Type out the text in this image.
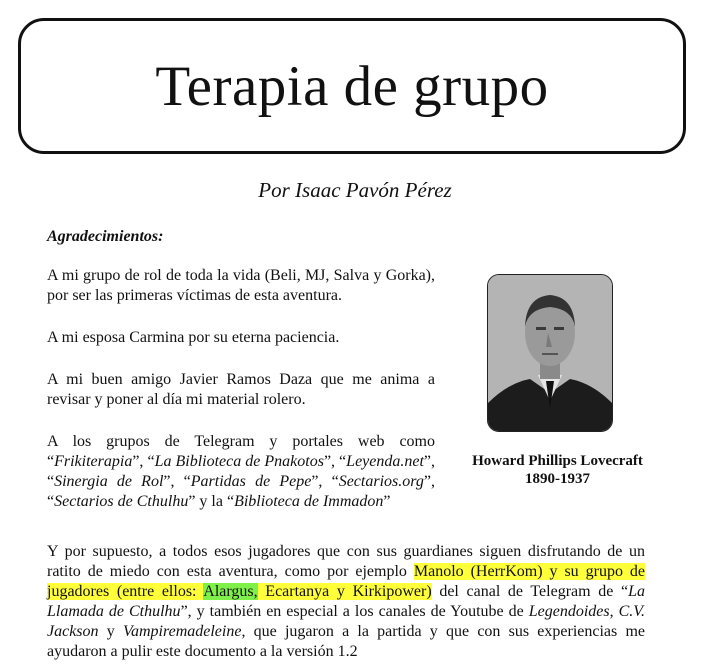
Terapia de grupo
Por Isaac Pavón Pérez
Agradecimientos:

A mi grupo de rol de toda la vida (Beli, MJ, Salva y Gorka), por ser las primeras víctimas de esta aventura.

A mi esposa Carmina por su eterna paciencia.

A mi buen amigo Javier Ramos Daza que me anima a revisar y poner al día mi material rolero.

A los grupos de Telegram y portales web como “Frikiterapia”, “La Biblioteca de Pnakotos”, “Leyenda.net”, “Sinergia de Rol”, “Partidas de Pepe”, “Sectarios.org”, “Sectarios de Cthulhu” y la “Biblioteca de Immadon”

Howard Phillips Lovecraft
1890-1937
Y por supuesto, a todos esos jugadores que con sus guardianes siguen disfrutando de un ratito de miedo con esta aventura, como por ejemplo Manolo (HerrKom) y su grupo de jugadores (entre ellos: Alargus, Ecartanya y Kirkipower) del canal de Telegram de “La Llamada de Cthulhu”, y también en especial a los canales de Youtube de Legendoides, C.V. Jackson y Vampiremadeleine, que jugaron a la partida y que con sus experiencias me ayudaron a pulir este documento a la versión 1.2
